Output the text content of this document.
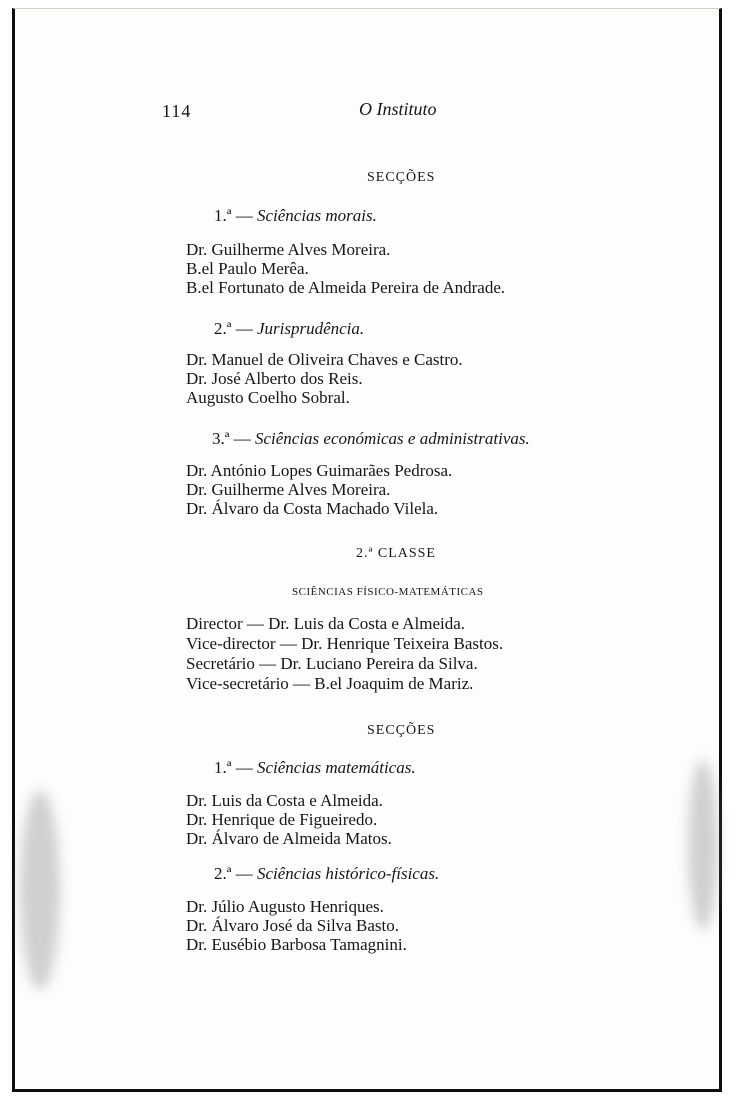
114	O Instituto
SECÇÕES
1.ª — Sciências morais.
Dr. Guilherme Alves Moreira.
B.el Paulo Merêa.
B.el Fortunato de Almeida Pereira de Andrade.
2.ª — Jurisprudência.
Dr. Manuel de Oliveira Chaves e Castro.
Dr. José Alberto dos Reis.
Augusto Coelho Sobral.
3.ª — Sciências económicas e administrativas.
Dr. António Lopes Guimarães Pedrosa.
Dr. Guilherme Alves Moreira.
Dr. Álvaro da Costa Machado Vilela.
2.ª CLASSE
SCIÊNCIAS FÍSICO-MATEMÁTICAS
Director — Dr. Luis da Costa e Almeida.
Vice-director — Dr. Henrique Teixeira Bastos.
Secretário — Dr. Luciano Pereira da Silva.
Vice-secretário — B.el Joaquim de Mariz.
SECÇÕES
1.ª — Sciências matemáticas.
Dr. Luis da Costa e Almeida.
Dr. Henrique de Figueiredo.
Dr. Álvaro de Almeida Matos.
2.ª — Sciências histórico-físicas.
Dr. Júlio Augusto Henriques.
Dr. Álvaro José da Silva Basto.
Dr. Eusébio Barbosa Tamagnini.
